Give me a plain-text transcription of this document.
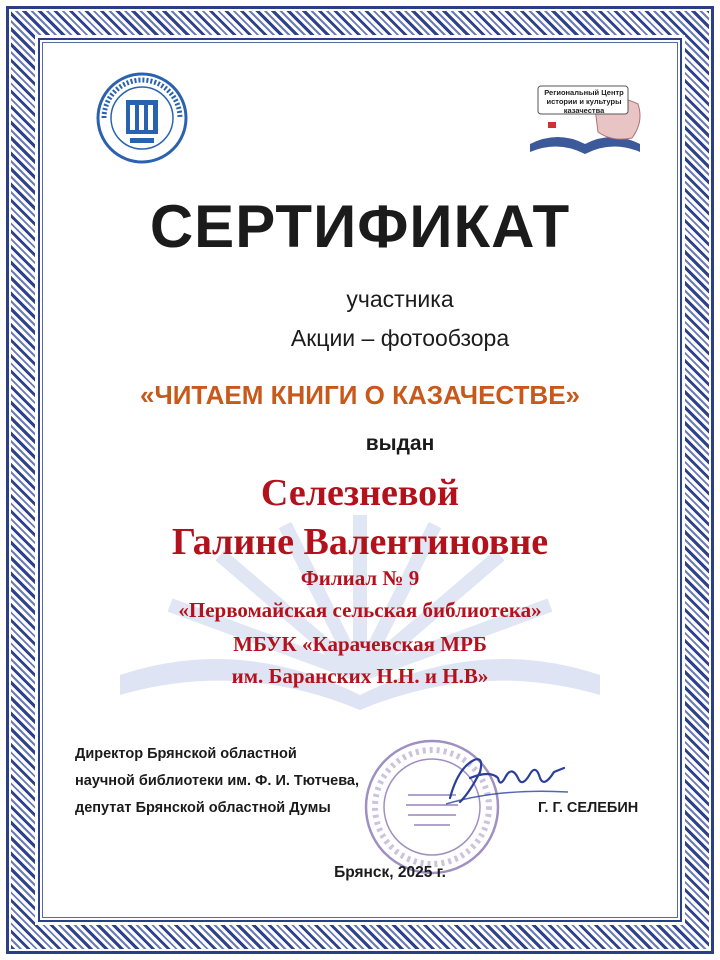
Региональный Центр истории и культуры казачества
СЕРТИФИКАТ

участника

Акции – фотообзора

«ЧИТАЕМ КНИГИ О КАЗАЧЕСТВЕ»

выдан

Селезневой

Галине Валентиновне

Филиал № 9

«Первомайская сельская библиотека»

МБУК «Карачевская МРБ

им. Баранских Н.Н. и Н.В»

Директор Брянской областной
научной библиотеки им. Ф. И. Тютчева,
депутат Брянской областной Думы	Г. Г. СЕЛЕБИН

Брянск, 2025 г.
